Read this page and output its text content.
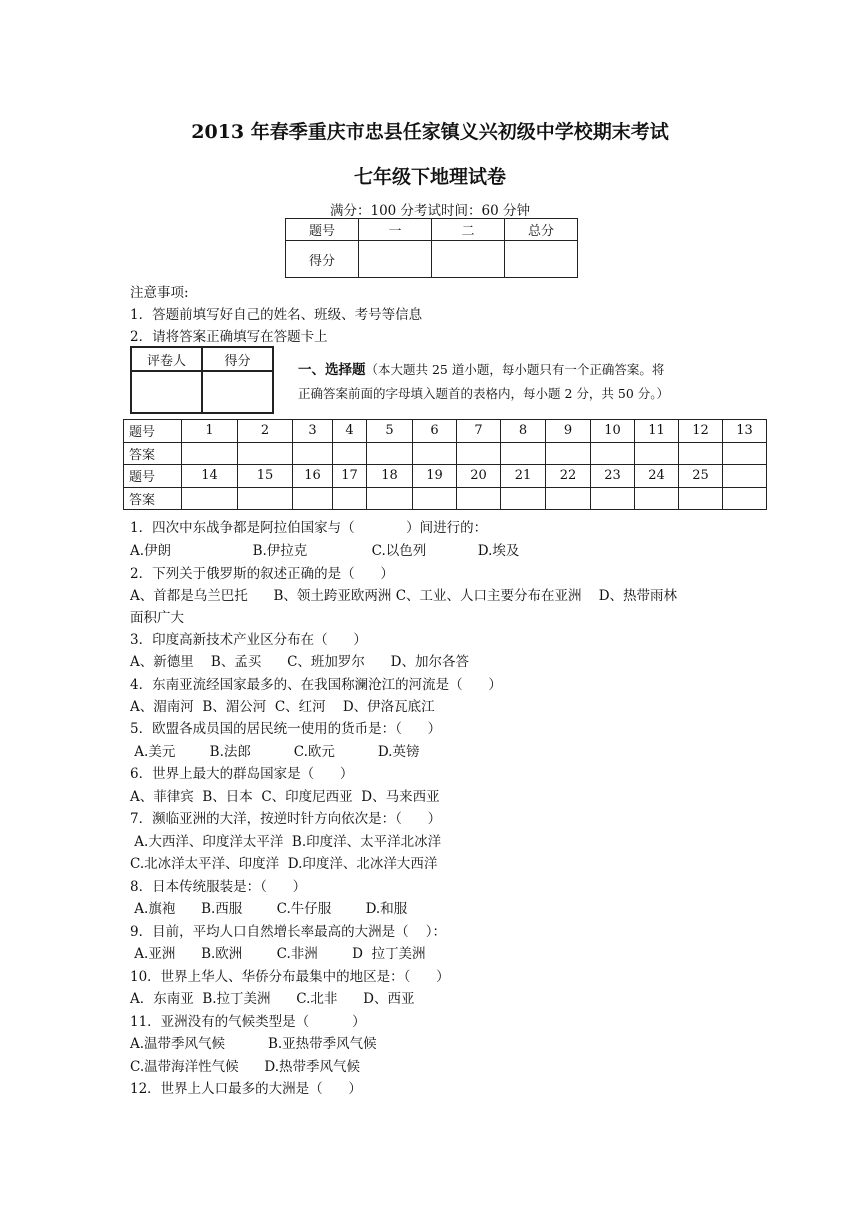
2013 年春季重庆市忠县任家镇义兴初级中学校期末考试
七年级下地理试卷
满分：100 分考试时间：60 分钟
题号	一	二	总分
得分			
注意事项:
1．答题前填写好自己的姓名、班级、考号等信息
2．请将答案正确填写在答题卡上
评卷人	得分

一、选择题（本大题共 25 道小题，每小题只有一个正确答案。将
正确答案前面的字母填入题首的表格内，每小题 2 分，共 50 分。）
题号	1	2	3	4	5	6	7	8	9	10	11	12	13
答案													
题号	14	15	16	17	18	19	20	21	22	23	24	25	
答案													
1．四次中东战争都是阿拉伯国家与（            ）间进行的：
A.伊朗                   B.伊拉克               C.以色列            D.埃及
2．下列关于俄罗斯的叙述正确的是（      ）
A、首都是乌兰巴托      B、领土跨亚欧两洲 C、工业、人口主要分布在亚洲    D、热带雨林
面积广大
3．印度高新技术产业区分布在（      ）
A、新德里    B、孟买      C、班加罗尔      D、加尔各答
4．东南亚流经国家最多的、在我国称澜沧江的河流是（      ）
A、湄南河  B、湄公河  C、红河    D、伊洛瓦底江
5．欧盟各成员国的居民统一使用的货币是：（      ）
A.美元        B.法郎          C.欧元          D.英镑
6．世界上最大的群岛国家是（      ）
A、菲律宾  B、日本  C、印度尼西亚  D、马来西亚
7．濒临亚洲的大洋，按逆时针方向依次是：（      ）
A.大西洋、印度洋太平洋  B.印度洋、太平洋北冰洋
C.北冰洋太平洋、印度洋  D.印度洋、北冰洋大西洋
8．日本传统服装是：（      ）
A.旗袍      B.西服        C.牛仔服        D.和服
9．目前，平均人口自然增长率最高的大洲是（    ）：
A.亚洲      B.欧洲        C.非洲        D  拉丁美洲
10．世界上华人、华侨分布最集中的地区是：（      ）
A．东南亚  B.拉丁美洲      C.北非      D、西亚
11．亚洲没有的气候类型是（          ）
A.温带季风气候          B.亚热带季风气候
C.温带海洋性气候      D.热带季风气候
12．世界上人口最多的大洲是（      ）
